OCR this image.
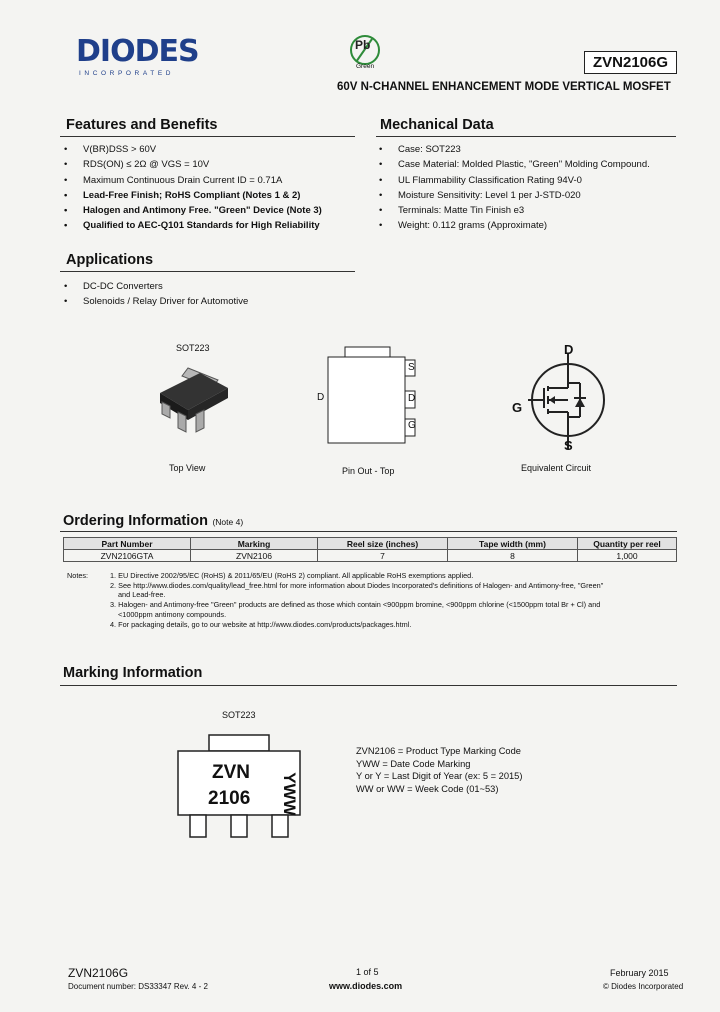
DIODES
INCORPORATED
Pb
Green	ZVN2106G
60V N-CHANNEL ENHANCEMENT MODE VERTICAL MOSFET
Features and Benefits
• V(BR)DSS > 60V
• RDS(ON) ≤ 2Ω @ VGS = 10V
• Maximum Continuous Drain Current ID = 0.71A
• Lead-Free Finish; RoHS Compliant (Notes 1 & 2)
• Halogen and Antimony Free. "Green" Device (Note 3)
• Qualified to AEC-Q101 Standards for High Reliability
Mechanical Data
• Case: SOT223
• Case Material: Molded Plastic, "Green" Molding Compound.
• UL Flammability Classification Rating 94V-0
• Moisture Sensitivity: Level 1 per J-STD-020
• Terminals: Matte Tin Finish e3
• Weight: 0.112 grams (Approximate)
Applications
• DC-DC Converters
• Solenoids / Relay Driver for Automotive
SOT223
Top View
D
S
D
G
Pin Out - Top
D
G
S
Equivalent Circuit
Ordering Information (Note 4)
Part Number	Marking	Reel size (inches)	Tape width (mm)	Quantity per reel
ZVN2106GTA	ZVN2106	7	8	1,000
Notes:	1. EU Directive 2002/95/EC (RoHS) & 2011/65/EU (RoHS 2) compliant. All applicable RoHS exemptions applied.
2. See http://www.diodes.com/quality/lead_free.html for more information about Diodes Incorporated's definitions of Halogen- and Antimony-free, "Green"
and Lead-free.
3. Halogen- and Antimony-free "Green" products are defined as those which contain <900ppm bromine, <900ppm chlorine (<1500ppm total Br + Cl) and
<1000ppm antimony compounds.
4. For packaging details, go to our website at http://www.diodes.com/products/packages.html.
Marking Information
SOT223
ZVN
2106 YWW
ZVN2106 = Product Type Marking Code
YWW = Date Code Marking
Y or Y = Last Digit of Year (ex: 5 = 2015)
WW or WW = Week Code (01~53)
ZVN2106G
Document number: DS33347 Rev. 4 - 2
1 of 5
www.diodes.com
February 2015
© Diodes Incorporated
